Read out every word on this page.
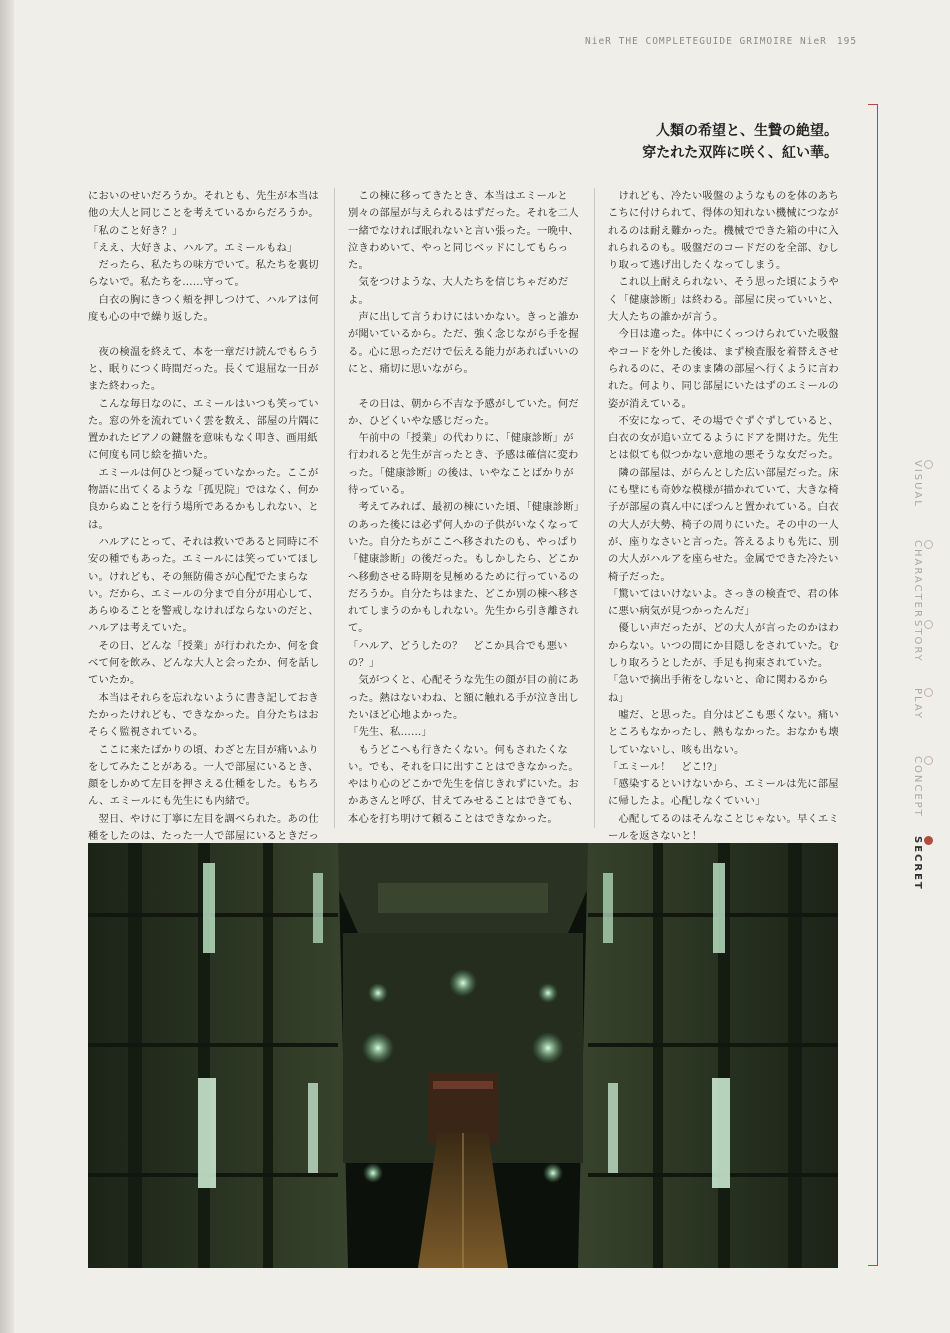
NieR THE COMPLETEGUIDE GRIMOIRE NieR 195
人類の希望と、生贄の絶望。
穿たれた双阵に咲く、紅い華。

においのせいだろうか。それとも、先生が本当は他の大人と同じことを考えているからだろうか。

「私のこと好き？」

「ええ、大好きよ、ハルア。エミールもね」

　だったら、私たちの味方でいて。私たちを裏切らないで。私たちを……守って。

　白衣の胸にきつく頬を押しつけて、ハルアは何度も心の中で繰り返した。

　夜の検温を終えて、本を一章だけ読んでもらうと、眠りにつく時間だった。長くて退屈な一日がまた終わった。

　こんな毎日なのに、エミールはいつも笑っていた。窓の外を流れていく雲を数え、部屋の片隅に置かれたピアノの鍵盤を意味もなく叩き、画用紙に何度も同じ絵を描いた。

　エミールは何ひとつ疑っていなかった。ここが物語に出てくるような「孤児院」ではなく、何か良からぬことを行う場所であるかもしれない、とは。

　ハルアにとって、それは救いであると同時に不安の種でもあった。エミールには笑っていてほしい。けれども、その無防備さが心配でたまらない。だから、エミールの分まで自分が用心して、あらゆることを警戒しなければならないのだと、ハルアは考えていた。

　その日、どんな「授業」が行われたか、何を食べて何を飲み、どんな大人と会ったか、何を話していたか。

　本当はそれらを忘れないように書き記しておきたかったけれども、できなかった。自分たちはおそらく監視されている。

　ここに来たばかりの頃、わざと左目が痛いふりをしてみたことがある。一人で部屋にいるとき、顔をしかめて左目を押さえる仕種をした。もちろん、エミールにも先生にも内緒で。

　翌日、やけに丁寧に左目を調べられた。あの仕種をしたのは、たった一人で部屋にいるときだっ

　この棟に移ってきたとき、本当はエミールと別々の部屋が与えられるはずだった。それを二人一緒でなければ眠れないと言い張った。一晩中、泣きわめいて、やっと同じベッドにしてもらった。

　気をつけような、大人たちを信じちゃだめだよ。

　声に出して言うわけにはいかない。きっと誰かが聞いているから。ただ、強く念じながら手を握る。心に思っただけで伝える能力があればいいのにと、痛切に思いながら。

　その日は、朝から不吉な予感がしていた。何だか、ひどくいやな感じだった。

　午前中の「授業」の代わりに、「健康診断」が行われると先生が言ったとき、予感は確信に変わった。「健康診断」の後は、いやなことばかりが待っている。

　考えてみれば、最初の棟にいた頃、「健康診断」のあった後には必ず何人かの子供がいなくなっていた。自分たちがここへ移されたのも、やっぱり「健康診断」の後だった。もしかしたら、どこかへ移動させる時期を見極めるために行っているのだろうか。自分たちはまた、どこか別の棟へ移されてしまうのかもしれない。先生から引き離されて。

「ハルア、どうしたの？　どこか具合でも悪いの？」

　気がつくと、心配そうな先生の顔が目の前にあった。熱はないわね、と額に触れる手が泣き出したいほど心地よかった。

「先生、私……」

　もうどこへも行きたくない。何もされたくない。でも、それを口に出すことはできなかった。やはり心のどこかで先生を信じきれずにいた。おかあさんと呼び、甘えてみせることはできても、本心を打ち明けて頼ることはできなかった。

　けれども、冷たい吸盤のようなものを体のあちこちに付けられて、得体の知れない機械につながれるのは耐え難かった。機械でできた箱の中に入れられるのも。吸盤だのコードだのを全部、むしり取って逃げ出したくなってしまう。

　これ以上耐えられない、そう思った頃にようやく「健康診断」は終わる。部屋に戻っていいと、大人たちの誰かが言う。

　今日は違った。体中にくっつけられていた吸盤やコードを外した後は、まず検査服を着替えさせられるのに、そのまま隣の部屋へ行くように言われた。何より、同じ部屋にいたはずのエミールの姿が消えている。

　不安になって、その場でぐずぐずしていると、白衣の女が追い立てるようにドアを開けた。先生とは似ても似つかない意地の悪そうな女だった。

　隣の部屋は、がらんとした広い部屋だった。床にも壁にも奇妙な模様が描かれていて、大きな椅子が部屋の真ん中にぽつんと置かれている。白衣の大人が大勢、椅子の周りにいた。その中の一人が、座りなさいと言った。答えるよりも先に、別の大人がハルアを座らせた。金属でできた冷たい椅子だった。

「驚いてはいけないよ。さっきの検査で、君の体に悪い病気が見つかったんだ」

　優しい声だったが、どの大人が言ったのかはわからない。いつの間にか目隠しをされていた。むしり取ろうとしたが、手足も拘束されていた。

「急いで摘出手術をしないと、命に関わるからね」

　嘘だ、と思った。自分はどこも悪くない。痛いところもなかったし、熱もなかった。おなかも壊していないし、咳も出ない。

「エミール！　どこ!?」

「感染するといけないから、エミールは先に部屋に帰したよ。心配しなくていい」

　心配してるのはそんなことじゃない。早くエミールを返さないと！

VISUAL
CHARACTER
STORY
PLAY
CONCEPT
SECRET
